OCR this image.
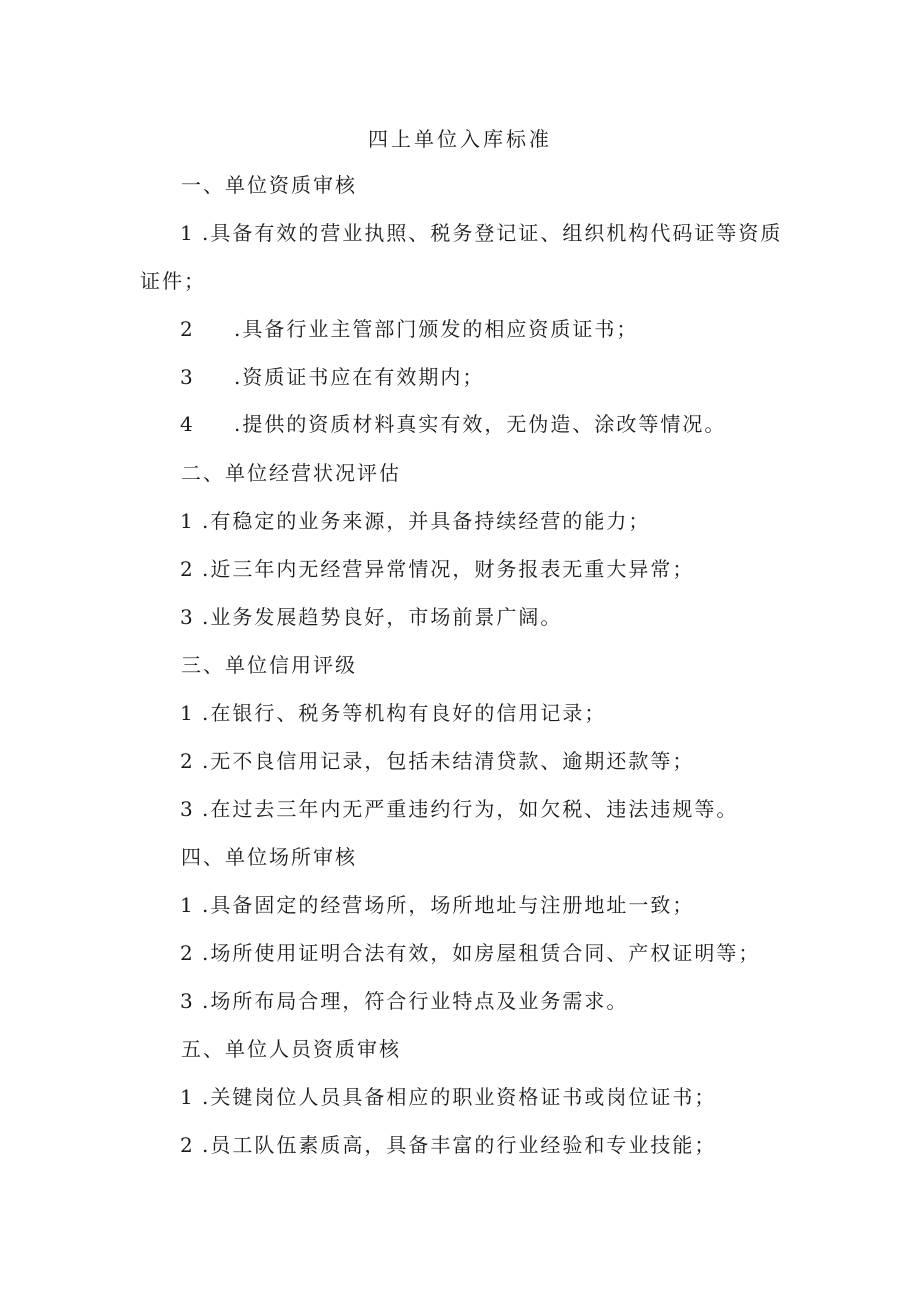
四上单位入库标准
一、单位资质审核
1 .具备有效的营业执照、税务登记证、组织机构代码证等资质
证件；
2 .具备行业主管部门颁发的相应资质证书；
3 .资质证书应在有效期内；
4 .提供的资质材料真实有效，无伪造、涂改等情况。
二、单位经营状况评估
1 .有稳定的业务来源，并具备持续经营的能力；
2 .近三年内无经营异常情况，财务报表无重大异常；
3 .业务发展趋势良好，市场前景广阔。
三、单位信用评级
1 .在银行、税务等机构有良好的信用记录；
2 .无不良信用记录，包括未结清贷款、逾期还款等；
3 .在过去三年内无严重违约行为，如欠税、违法违规等。
四、单位场所审核
1 .具备固定的经营场所，场所地址与注册地址一致；
2 .场所使用证明合法有效，如房屋租赁合同、产权证明等；
3 .场所布局合理，符合行业特点及业务需求。
五、单位人员资质审核
1 .关键岗位人员具备相应的职业资格证书或岗位证书；
2 .员工队伍素质高，具备丰富的行业经验和专业技能；
